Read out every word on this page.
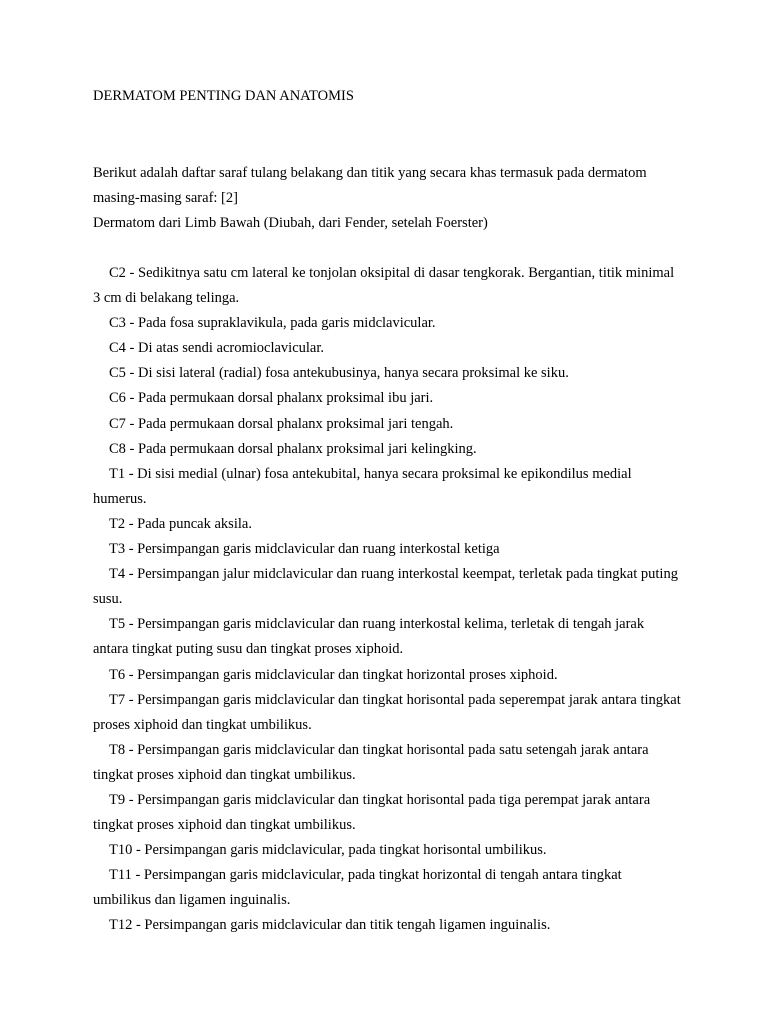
DERMATOM PENTING DAN ANATOMIS

Berikut adalah daftar saraf tulang belakang dan titik yang secara khas termasuk pada dermatom masing-masing saraf: [2]

Dermatom dari Limb Bawah (Diubah, dari Fender, setelah Foerster)

C2 - Sedikitnya satu cm lateral ke tonjolan oksipital di dasar tengkorak. Bergantian, titik minimal 3 cm di belakang telinga.

C3 - Pada fosa supraklavikula, pada garis midclavicular.

C4 - Di atas sendi acromioclavicular.

C5 - Di sisi lateral (radial) fosa antekubusinya, hanya secara proksimal ke siku.

C6 - Pada permukaan dorsal phalanx proksimal ibu jari.

C7 - Pada permukaan dorsal phalanx proksimal jari tengah.

C8 - Pada permukaan dorsal phalanx proksimal jari kelingking.

T1 - Di sisi medial (ulnar) fosa antekubital, hanya secara proksimal ke epikondilus medial humerus.

T2 - Pada puncak aksila.

T3 - Persimpangan garis midclavicular dan ruang interkostal ketiga

T4 - Persimpangan jalur midclavicular dan ruang interkostal keempat, terletak pada tingkat puting susu.

T5 - Persimpangan garis midclavicular dan ruang interkostal kelima, terletak di tengah jarak antara tingkat puting susu dan tingkat proses xiphoid.

T6 - Persimpangan garis midclavicular dan tingkat horizontal proses xiphoid.

T7 - Persimpangan garis midclavicular dan tingkat horisontal pada seperempat jarak antara tingkat proses xiphoid dan tingkat umbilikus.

T8 - Persimpangan garis midclavicular dan tingkat horisontal pada satu setengah jarak antara tingkat proses xiphoid dan tingkat umbilikus.

T9 - Persimpangan garis midclavicular dan tingkat horisontal pada tiga perempat jarak antara tingkat proses xiphoid dan tingkat umbilikus.

T10 - Persimpangan garis midclavicular, pada tingkat horisontal umbilikus.

T11 - Persimpangan garis midclavicular, pada tingkat horizontal di tengah antara tingkat umbilikus dan ligamen inguinalis.

T12 - Persimpangan garis midclavicular dan titik tengah ligamen inguinalis.
